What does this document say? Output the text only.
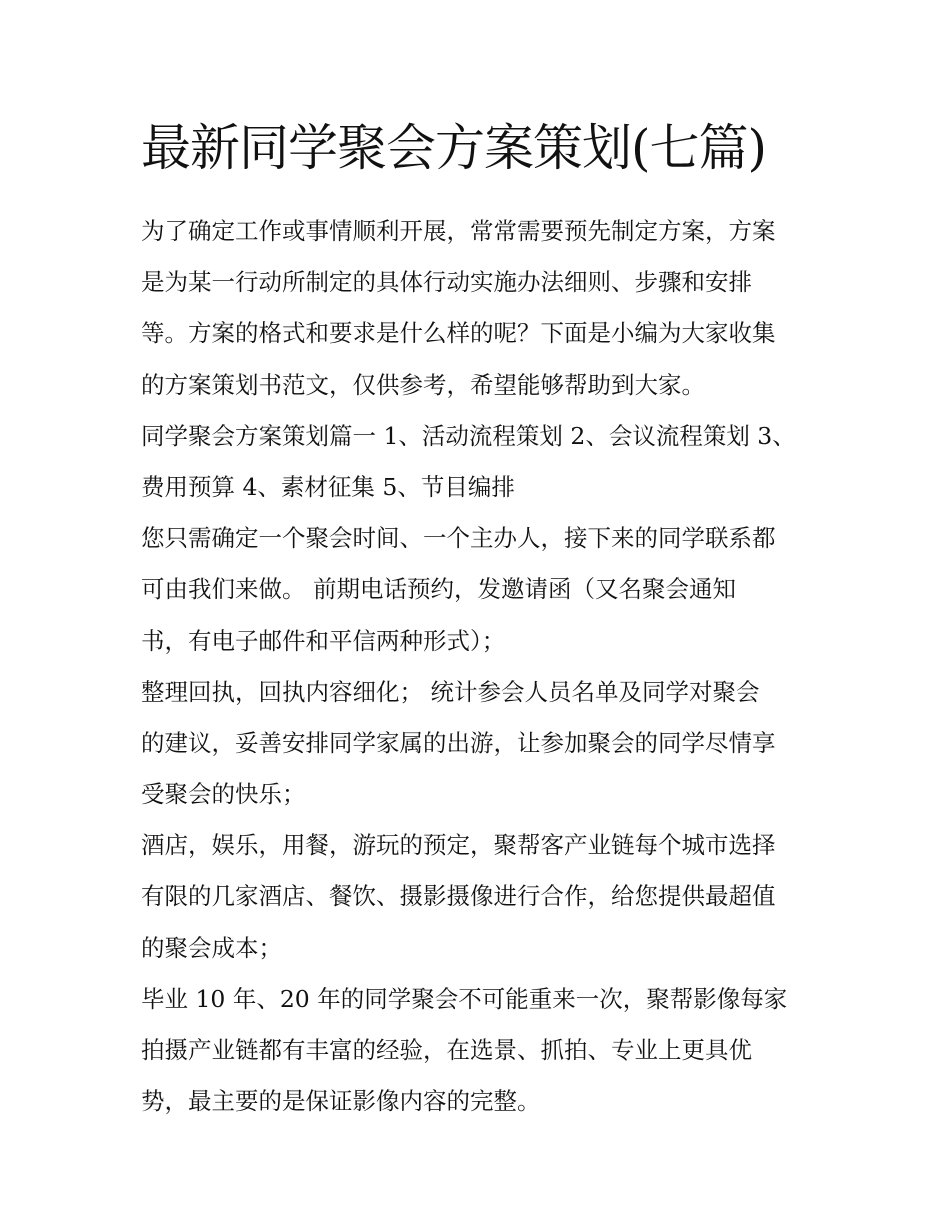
最新同学聚会方案策划(七篇)

为了确定工作或事情顺利开展，常常需要预先制定方案，方案
是为某一行动所制定的具体行动实施办法细则、步骤和安排
等。方案的格式和要求是什么样的呢？下面是小编为大家收集
的方案策划书范文，仅供参考，希望能够帮助到大家。

同学聚会方案策划篇一 1、活动流程策划 2、会议流程策划 3、
费用预算 4、素材征集 5、节目编排

您只需确定一个聚会时间、一个主办人，接下来的同学联系都
可由我们来做。 前期电话预约，发邀请函（又名聚会通知
书，有电子邮件和平信两种形式）；

整理回执，回执内容细化； 统计参会人员名单及同学对聚会
的建议，妥善安排同学家属的出游，让参加聚会的同学尽情享
受聚会的快乐；

酒店，娱乐，用餐，游玩的预定，聚帮客产业链每个城市选择
有限的几家酒店、餐饮、摄影摄像进行合作，给您提供最超值
的聚会成本；

毕业 10 年、20 年的同学聚会不可能重来一次，聚帮影像每家
拍摄产业链都有丰富的经验，在选景、抓拍、专业上更具优
势，最主要的是保证影像内容的完整。
